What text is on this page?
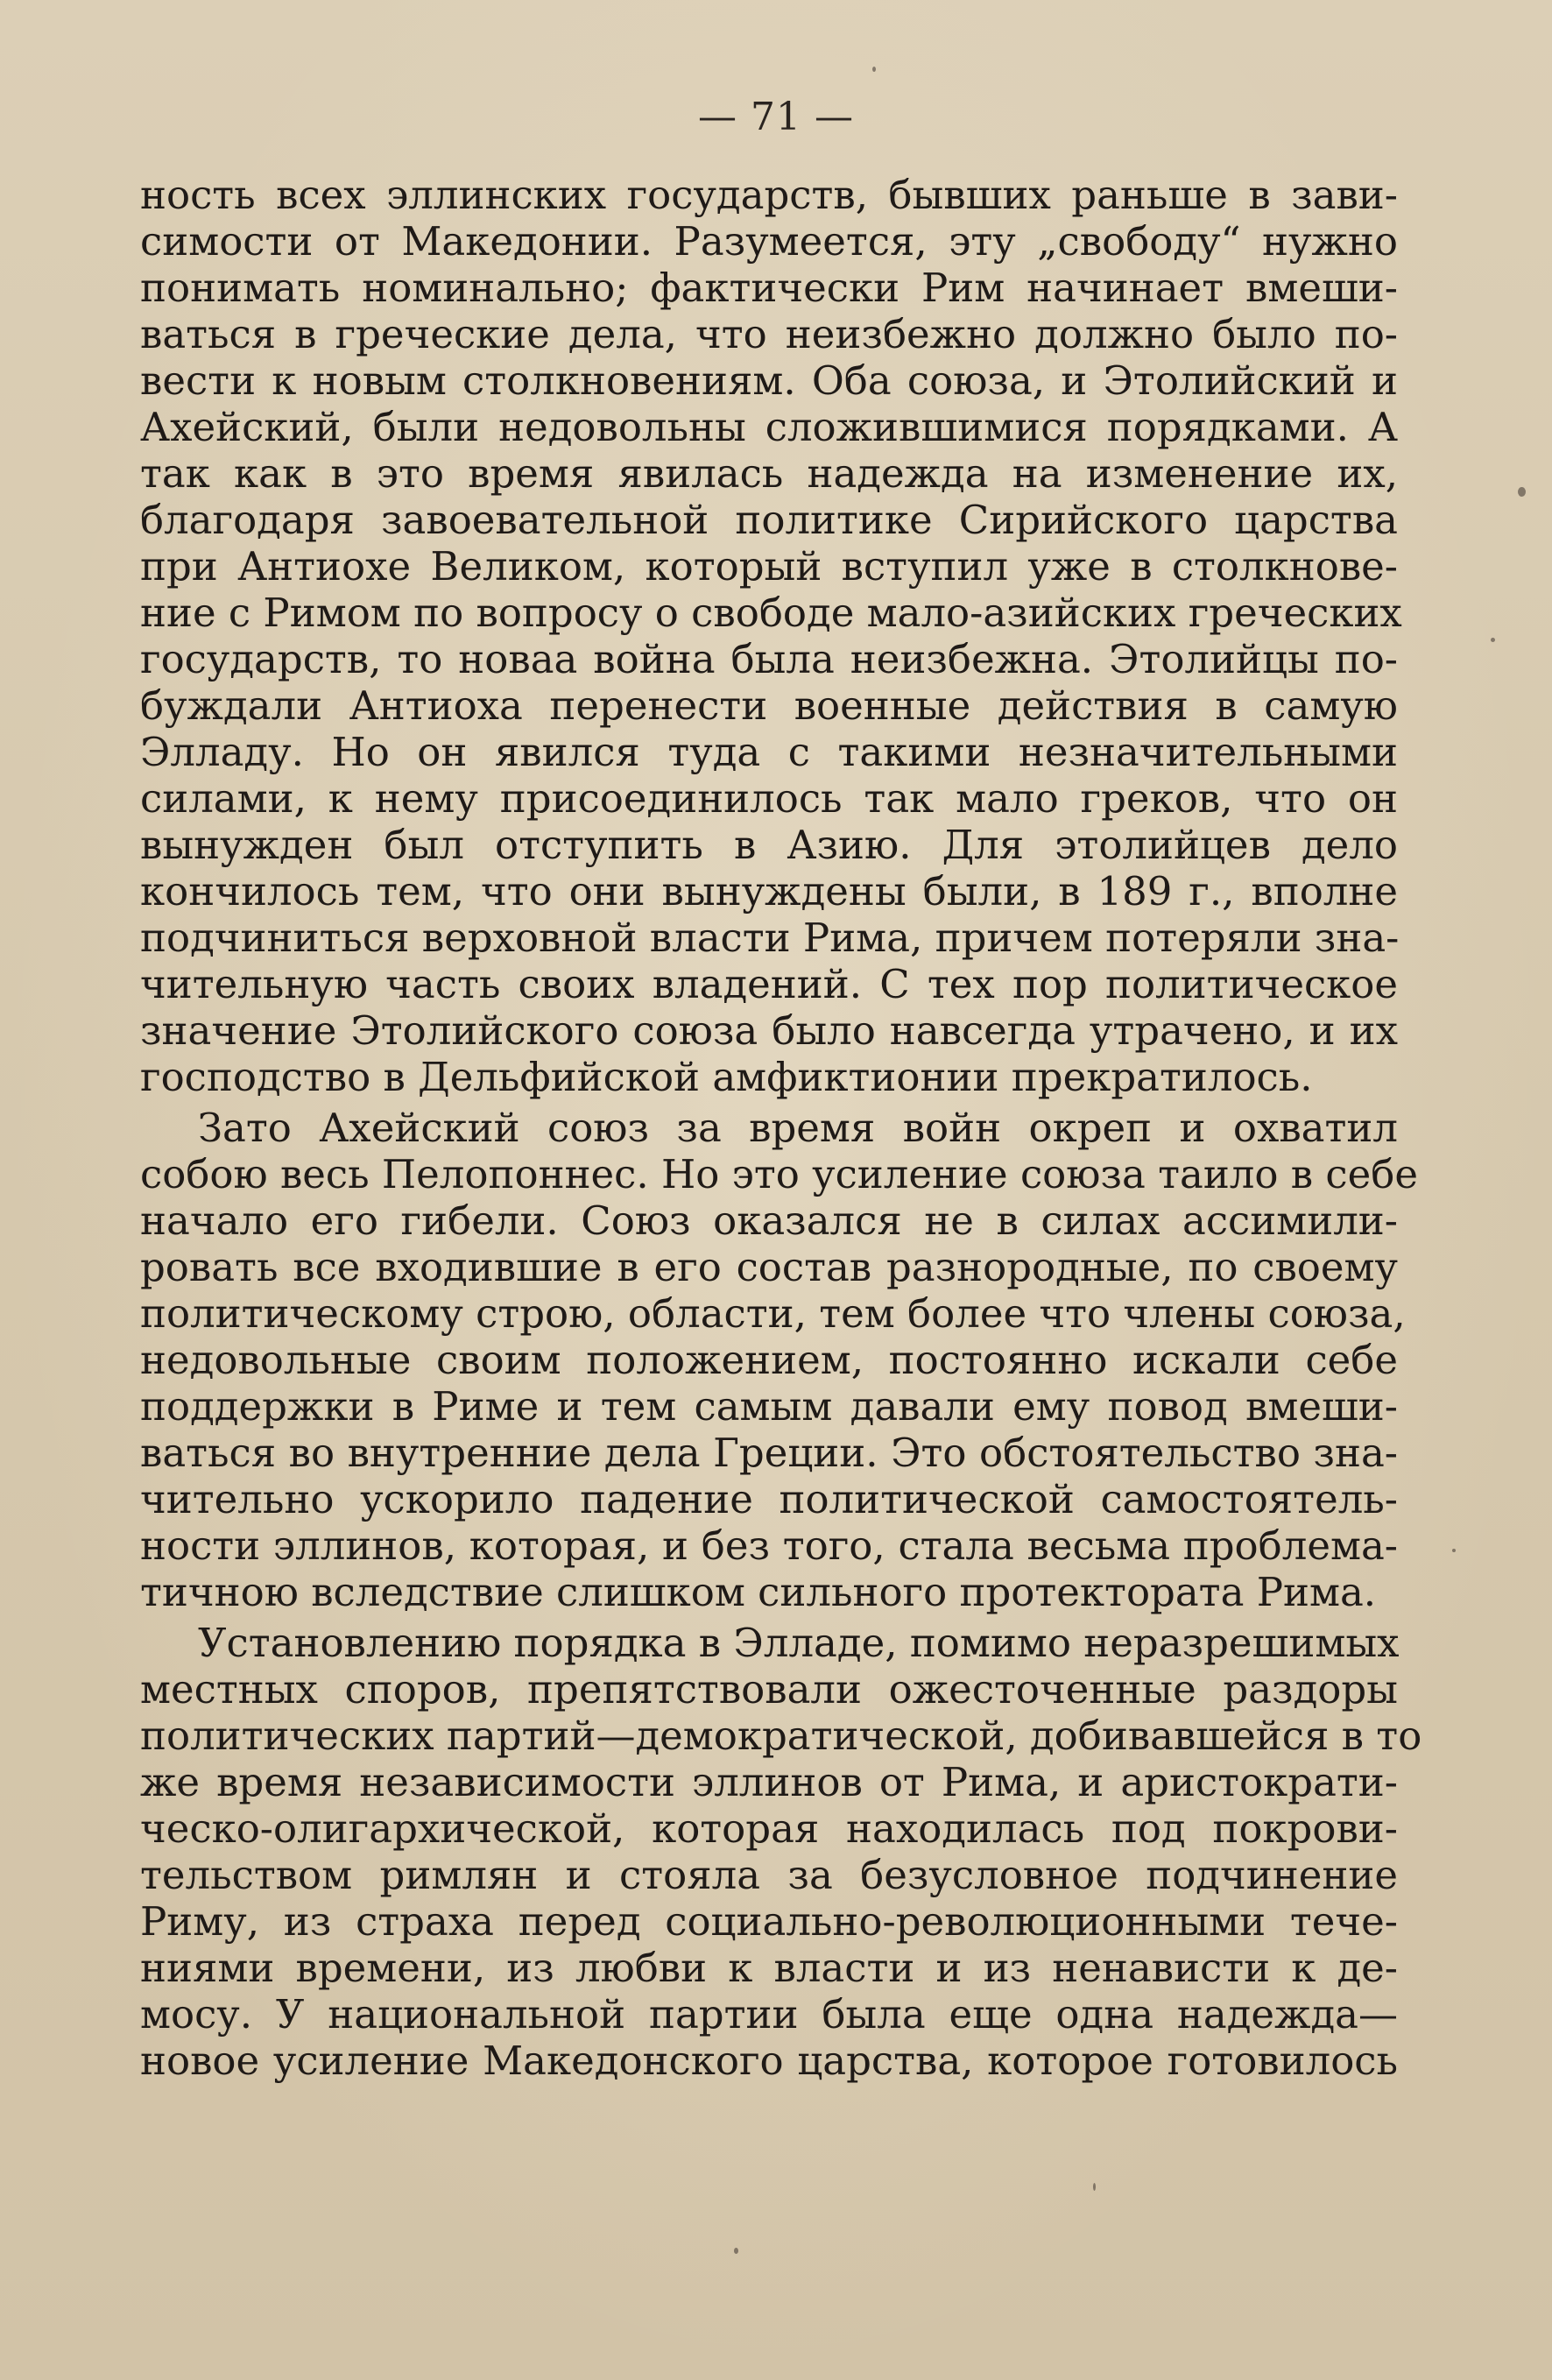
— 71 —
ность всех эллинских государств, бывших раньше в зави-
симости от Македонии. Разумеется, эту „свободу“ нужно
понимать номинально; фактически Рим начинает вмеши-
ваться в греческие дела, что неизбежно должно было по-
вести к новым столкновениям. Оба союза, и Этолийский и
Ахейский, были недовольны сложившимися порядками. А
так как в это время явилась надежда на изменение их,
благодаря завоевательной политике Сирийского царства
при Антиохе Великом, который вступил уже в столкнове-
ние с Римом по вопросу о свободе мало-азийских греческих
государств, то новаа война была неизбежна. Этолийцы по-
буждали Антиоха перенести военные действия в самую
Элладу. Но он явился туда с такими незначительными
силами, к нему присоединилось так мало греков, что он
вынужден был отступить в Азию. Для этолийцев дело
кончилось тем, что они вынуждены были, в 189 г., вполне
подчиниться верховной власти Рима, причем потеряли зна-
чительную часть своих владений. С тех пор политическое
значение Этолийского союза было навсегда утрачено, и их
господство в Дельфийской амфиктионии прекратилось.
Зато Ахейский союз за время войн окреп и охватил
собою весь Пелопоннес. Но это усиление союза таило в себе
начало его гибели. Союз оказался не в силах ассимили-
ровать все входившие в его состав разнородные, по своему
политическому строю, области, тем более что члены союза,
недовольные своим положением, постоянно искали себе
поддержки в Риме и тем самым давали ему повод вмеши-
ваться во внутренние дела Греции. Это обстоятельство зна-
чительно ускорило падение политической самостоятель-
ности эллинов, которая, и без того, стала весьма проблема-
тичною вследствие слишком сильного протектората Рима.
Установлению порядка в Элладе, помимо неразрешимых
местных споров, препятствовали ожесточенные раздоры
политических партий—демократической, добивавшейся в то
же время независимости эллинов от Рима, и аристократи-
ческо-олигархической, которая находилась под покрови-
тельством римлян и стояла за безусловное подчинение
Риму, из страха перед социально-революционными тече-
ниями времени, из любви к власти и из ненависти к де-
мосу. У национальной партии была еще одна надежда—
новое усиление Македонского царства, которое готовилось
